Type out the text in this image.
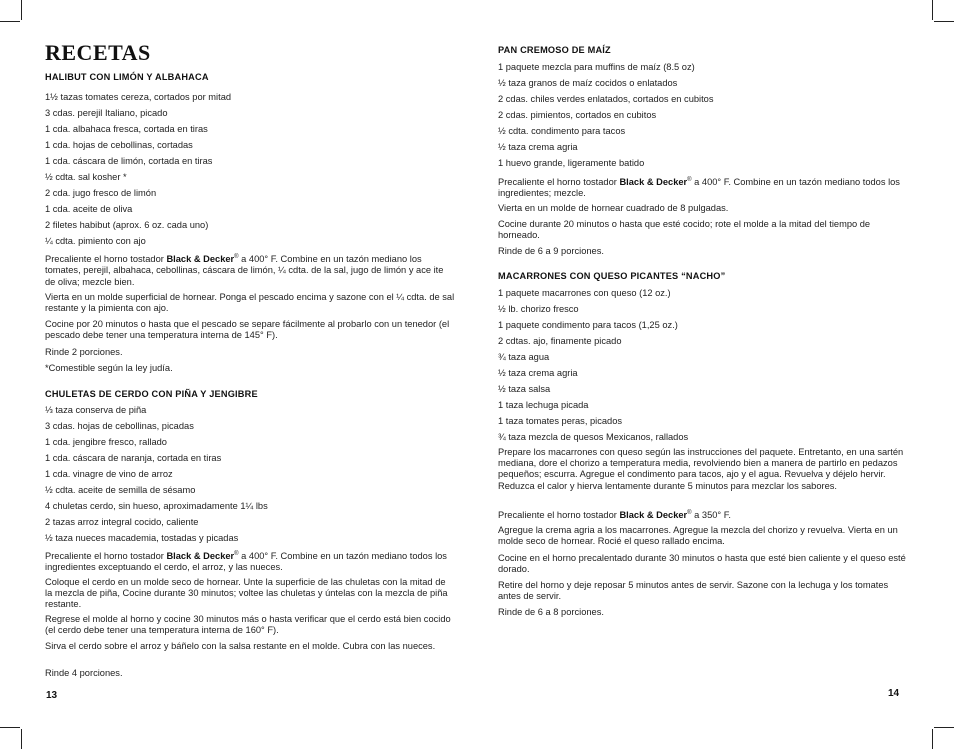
RECETAS

HALIBUT CON LIMÓN Y ALBAHACA

1½ tazas tomates cereza, cortados por mitad

3 cdas. perejil Italiano, picado

1 cda. albahaca fresca, cortada en tiras

1 cda. hojas de cebollinas, cortadas

1 cda. cáscara de limón, cortada en tiras

½ cdta. sal kosher *

2 cda. jugo fresco de limón

1 cda. aceite de oliva

2 filetes habibut (aprox. 6 oz. cada uno)

¼ cdta. pimiento con ajo

Precaliente el horno tostador Black & Decker® a 400° F. Combine en un tazón mediano los tomates, perejil, albahaca, cebollinas, cáscara de limón, ¼ cdta. de la sal, jugo de limón y ace ite de oliva; mezcle bien.

Vierta en un molde superficial de hornear. Ponga el pescado encima y sazone con el ¼ cdta. de sal restante y la pimienta con ajo.

Cocine por 20 minutos o hasta que el pescado se separe fácilmente al probarlo con un tenedor (el pescado debe tener una temperatura interna de 145° F).

Rinde 2 porciones.

*Comestible según la ley judía.

CHULETAS DE CERDO CON PIÑA Y JENGIBRE

⅓ taza conserva de piña

3 cdas. hojas de cebollinas, picadas

1 cda. jengibre fresco, rallado

1 cda. cáscara de naranja, cortada en tiras

1 cda. vinagre de vino de arroz

½ cdta. aceite de semilla de sésamo

4 chuletas cerdo, sin hueso, aproximadamente 1¼ lbs

2 tazas arroz integral cocido, caliente

½ taza nueces macademia, tostadas y picadas

Precaliente el horno tostador Black & Decker® a 400° F. Combine en un tazón mediano todos los ingredientes exceptuando el cerdo, el arroz, y las nueces.

Coloque el cerdo en un molde seco de hornear. Unte la superficie de las chuletas con la mitad de la mezcla de piña, Cocine durante 30 minutos; voltee las chuletas y úntelas con la mezcla de piña restante.

Regrese el molde al horno y cocine 30 minutos más o hasta verificar que el cerdo está bien cocido (el cerdo debe tener una temperatura interna de 160° F).

Sirva el cerdo sobre el arroz y báñelo con la salsa restante en el molde. Cubra con las nueces.

Rinde 4 porciones.

13

PAN CREMOSO DE MAÍZ

1 paquete mezcla para muffins de maíz (8.5 oz)

½ taza granos de maíz cocidos o enlatados

2 cdas. chiles verdes enlatados, cortados en cubitos

2 cdas. pimientos, cortados en cubitos

½ cdta. condimento para tacos

½ taza crema agria

1 huevo grande, ligeramente batido

Precaliente el horno tostador Black & Decker® a 400° F. Combine en un tazón mediano todos los ingredientes; mezcle.

Vierta en un molde de hornear cuadrado de 8 pulgadas.

Cocine durante 20 minutos o hasta que esté cocido; rote el molde a la mitad del tiempo de horneado.

Rinde de 6 a 9 porciones.

MACARRONES CON QUESO PICANTES “NACHO”

1 paquete macarrones con queso (12 oz.)

½ lb. chorizo fresco

1 paquete condimento para tacos (1,25 oz.)

2 cdtas. ajo, finamente picado

¾ taza agua

½ taza crema agria

½ taza salsa

1 taza lechuga picada

1 taza tomates peras, picados

¾ taza mezcla de quesos Mexicanos, rallados

Prepare los macarrones con queso según las instrucciones del paquete. Entretanto, en una sartén mediana, dore el chorizo a temperatura media, revolviendo bien a manera de partirlo en pedazos pequeños; escurra. Agregue el condimento para tacos, ajo y el agua. Revuelva y déjelo hervir. Reduzca el calor y hierva lentamente durante 5 minutos para mezclar los sabores.

Precaliente el horno tostador Black & Decker® a 350° F.

Agregue la crema agria a los macarrones. Agregue la mezcla del chorizo y revuelva. Vierta en un molde seco de hornear. Rocié el queso rallado encima.

Cocine en el horno precalentado durante 30 minutos o hasta que esté bien caliente y el queso esté dorado.

Retire del horno y deje reposar 5 minutos antes de servir. Sazone con la lechuga y los tomates antes de servir.

Rinde de 6 a 8 porciones.

14
